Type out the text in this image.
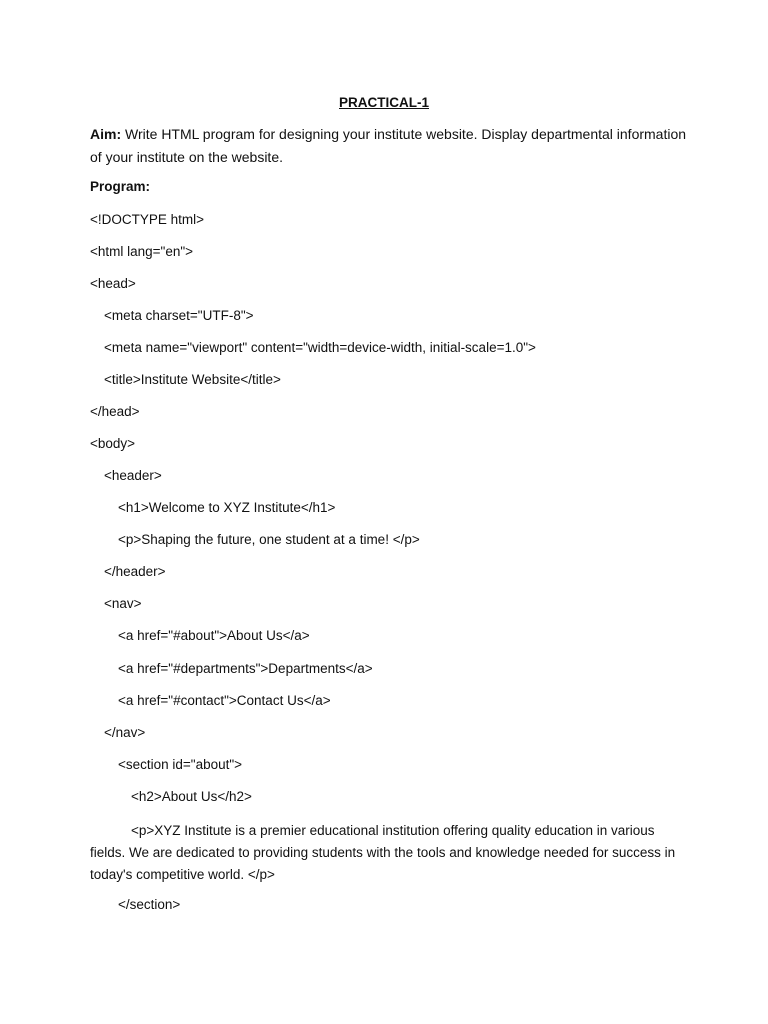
PRACTICAL-1
Aim: Write HTML program for designing your institute website. Display departmental information of your institute on the website.
Program:
<!DOCTYPE html>
<html lang="en">
<head>
<meta charset="UTF-8">
<meta name="viewport" content="width=device-width, initial-scale=1.0">
<title>Institute Website</title>
</head>
<body>
<header>
<h1>Welcome to XYZ Institute</h1>
<p>Shaping the future, one student at a time! </p>
</header>
<nav>
<a href="#about">About Us</a>
<a href="#departments">Departments</a>
<a href="#contact">Contact Us</a>
</nav>
<section id="about">
<h2>About Us</h2>
<p>XYZ Institute is a premier educational institution offering quality education in various fields. We are dedicated to providing students with the tools and knowledge needed for success in today's competitive world. </p>
</section>
